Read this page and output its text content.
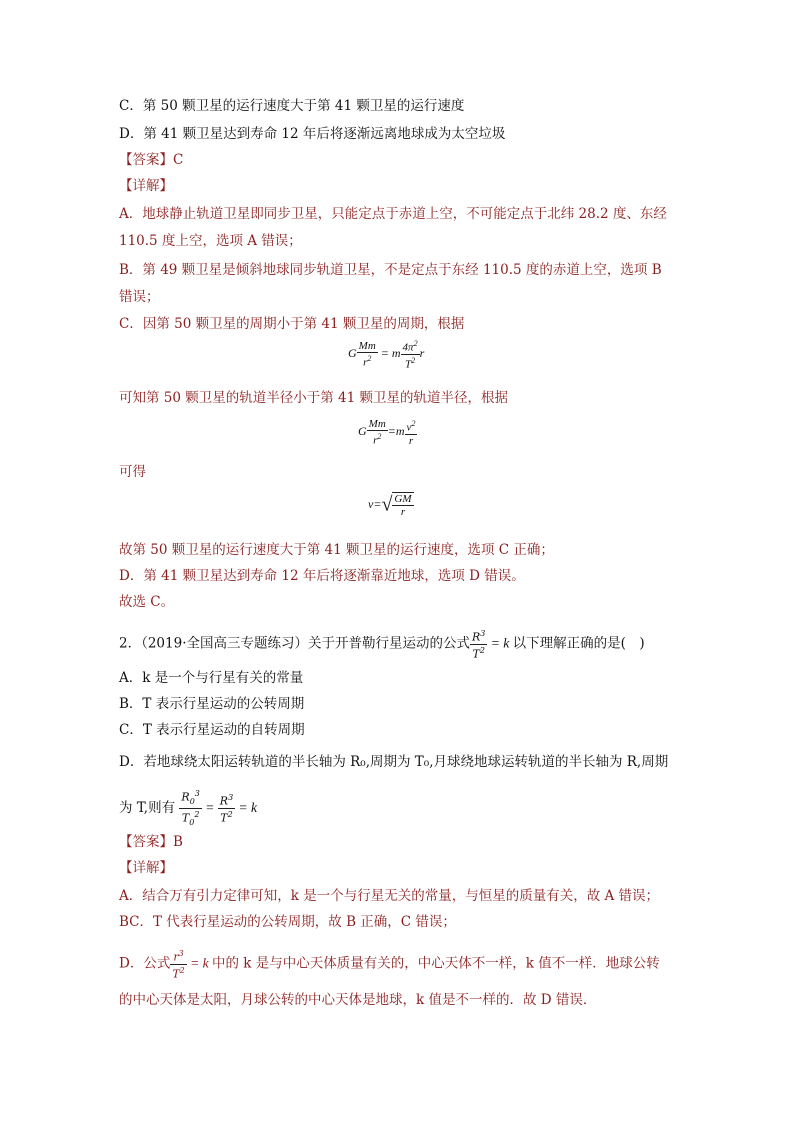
C．第 50 颗卫星的运行速度大于第 41 颗卫星的运行速度
D．第 41 颗卫星达到寿命 12 年后将逐渐远离地球成为太空垃圾
【答案】C
【详解】
A．地球静止轨道卫星即同步卫星，只能定点于赤道上空，不可能定点于北纬 28.2 度、东经
110.5 度上空，选项 A 错误；
B．第 49 颗卫星是倾斜地球同步轨道卫星，不是定点于东经 110.5 度的赤道上空，选项 B
错误；
C．因第 50 颗卫星的周期小于第 41 颗卫星的周期，根据
G $\frac{Mm}{r^2} = m \frac{4\pi^2}{T^2}$ r
可知第 50 颗卫星的轨道半径小于第 41 颗卫星的轨道半径，根据
G $\frac{Mm}{r^2} =m \frac{v^2}{r}$
可得
$v=√ \frac{GM}{r}$
故第 50 颗卫星的运行速度大于第 41 颗卫星的运行速度，选项 C 正确；
D．第 41 颗卫星达到寿命 12 年后将逐渐靠近地球，选项 D 错误。
故选 C。
2．（2019·全国高三专题练习）关于开普勒行星运动的公式 $\frac{R^3}{T^2} = k$ 以下理解正确的是(　)
A．k 是一个与行星有关的常量
B．T 表示行星运动的公转周期
C．T 表示行星运动的自转周期
D．若地球绕太阳运转轨道的半长轴为 R₀,周期为 T₀,月球绕地球运转轨道的半长轴为 R,周期
为 T,则有 $\frac{R_0^3}{T_0^2} = \frac{R^3}{T^2} = k$
【答案】B
【详解】
A．结合万有引力定律可知，k 是一个与行星无关的常量，与恒星的质量有关，故 A 错误；
BC．T 代表行星运动的公转周期，故 B 正确，C 错误；
D．公式 $\frac{r^3}{T^2} = k$ 中的 k 是与中心天体质量有关的，中心天体不一样，k 值不一样．地球公转
的中心天体是太阳，月球公转的中心天体是地球，k 值是不一样的．故 D 错误．
